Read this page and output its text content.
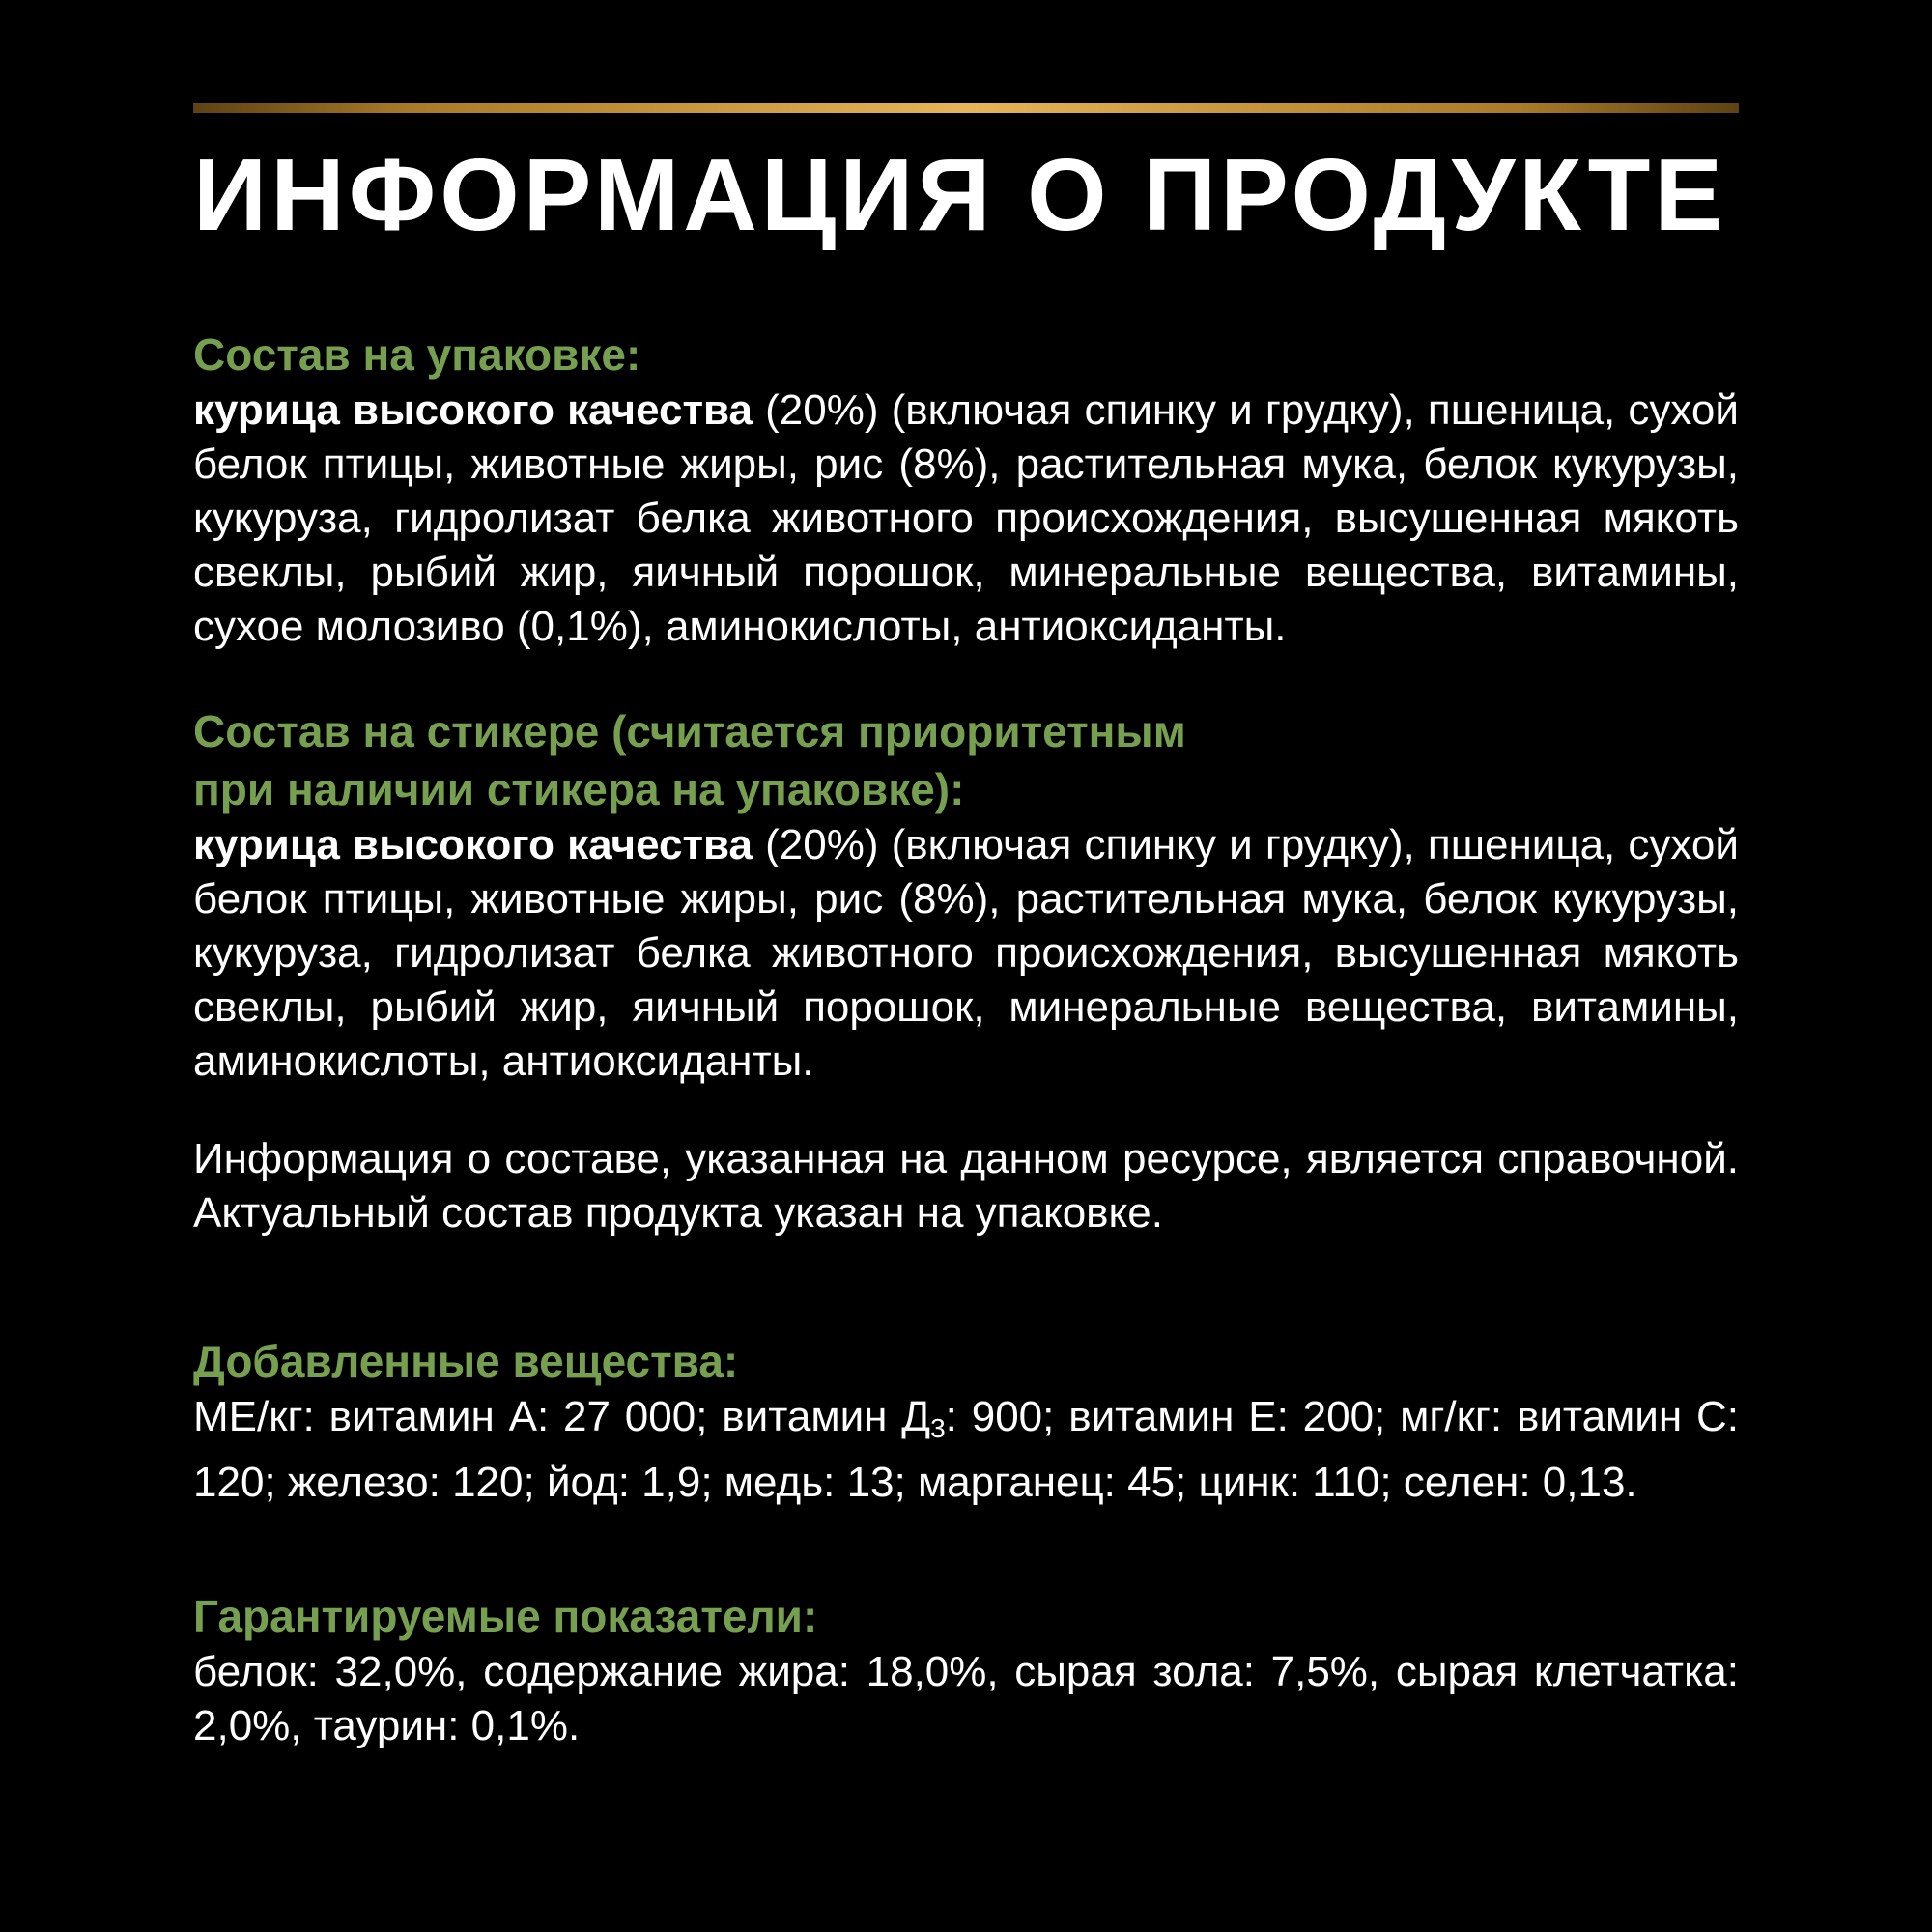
ИНФОРМАЦИЯ О ПРОДУКТЕ
Состав на упаковке:

курица высокого качества (20%) (включая спинку и грудку), пшеница, сухой белок птицы, животные жиры, рис (8%), растительная мука, белок кукурузы, кукуруза, гидролизат белка животного происхождения, высушенная мякоть свеклы, рыбий жир, яичный порошок, минеральные вещества, витамины, сухое молозиво (0,1%), аминокислоты, антиоксиданты.

Состав на стикере (считается приоритетным
при наличии стикера на упаковке):

курица высокого качества (20%) (включая спинку и грудку), пшеница, сухой белок птицы, животные жиры, рис (8%), растительная мука, белок кукурузы, кукуруза, гидролизат белка животного происхождения, высушенная мякоть свеклы, рыбий жир, яичный порошок, минеральные вещества, витамины, аминокислоты, антиоксиданты.

Информация о составе, указанная на данном ресурсе, является справочной. Актуальный состав продукта указан на упаковке.

Добавленные вещества:

МЕ/кг: витамин А: 27 000; витамин Д3: 900; витамин Е: 200; мг/кг: витамин С: 120; железо: 120; йод: 1,9; медь: 13; марганец: 45; цинк: 110; селен: 0,13.

Гарантируемые показатели:

белок: 32,0%, содержание жира: 18,0%, сырая зола: 7,5%, сырая клетчатка: 2,0%, таурин: 0,1%.
